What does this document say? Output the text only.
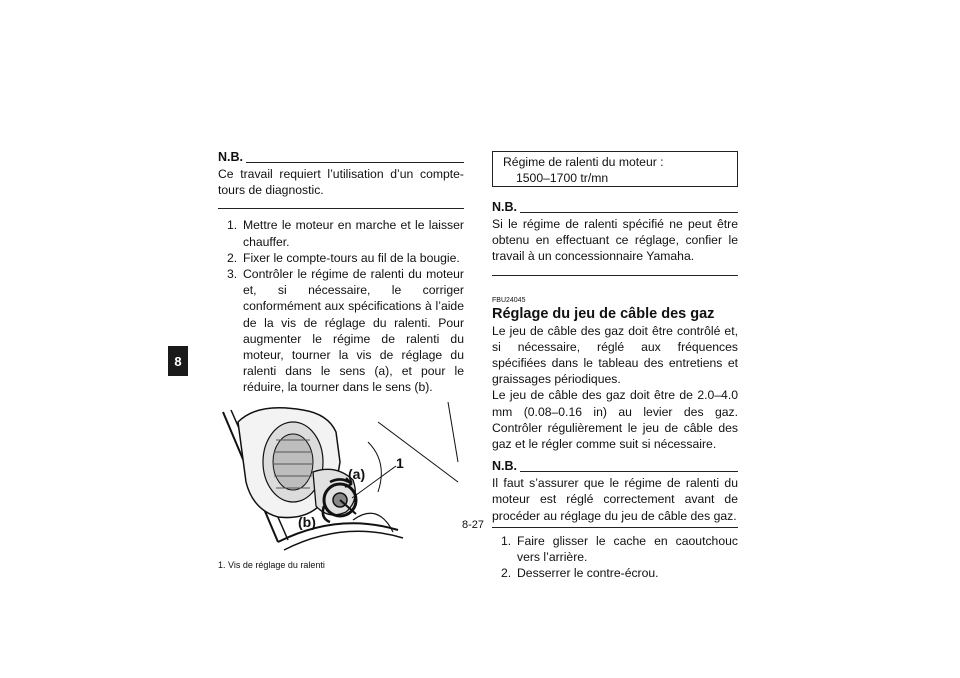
8
N.B.
Ce travail requiert l’utilisation d’un compte-tours de diagnostic.
1. Mettre le moteur en marche et le laisser chauffer.
2. Fixer le compte-tours au fil de la bougie.
3. Contrôler le régime de ralenti du moteur et, si nécessaire, le corriger conformément aux spécifications à l’aide de la vis de réglage du ralenti. Pour augmenter le régime de ralenti du moteur, tourner la vis de réglage du ralenti dans le sens (a), et pour le réduire, la tourner dans le sens (b).
(a)
(b)
1
1. Vis de réglage du ralenti
Régime de ralenti du moteur :
1500–1700 tr/mn
N.B.
Si le régime de ralenti spécifié ne peut être obtenu en effectuant ce réglage, confier le travail à un concessionnaire Yamaha.
FBU24045
Réglage du jeu de câble des gaz
Le jeu de câble des gaz doit être contrôlé et, si nécessaire, réglé aux fréquences spécifiées dans le tableau des entretiens et graissages périodiques.
Le jeu de câble des gaz doit être de 2.0–4.0 mm (0.08–0.16 in) au levier des gaz. Contrôler régulièrement le jeu de câble des gaz et le régler comme suit si nécessaire.
N.B.
Il faut s’assurer que le régime de ralenti du moteur est réglé correctement avant de procéder au réglage du jeu de câble des gaz.
1. Faire glisser le cache en caoutchouc vers l’arrière.
2. Desserrer le contre-écrou.
8-27
